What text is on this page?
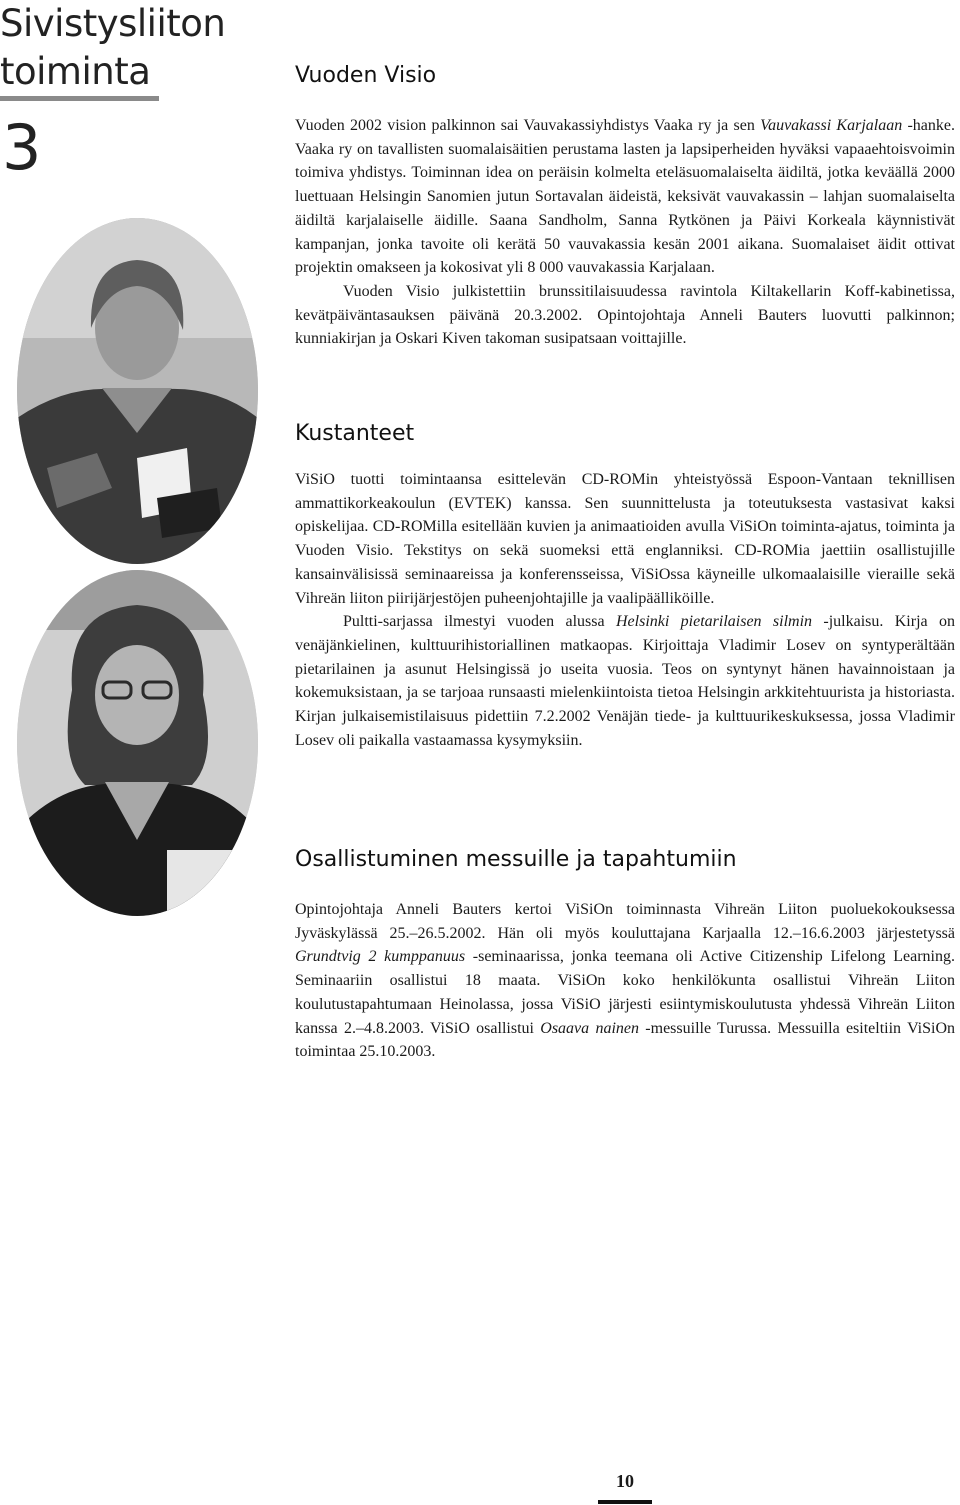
Sivistysliiton
toiminta
3
Vuoden Visio

Vuoden 2002 vision palkinnon sai Vauvakassiyhdistys Vaaka ry ja sen Vauvakassi Karjalaan -hanke. Vaaka ry on tavallisten suomalaisäitien perustama lasten ja lapsiperheiden hyväksi vapaaehtoisvoimin toimiva yhdistys. Toiminnan idea on peräisin kolmelta eteläsuomalaiselta äidiltä, jotka keväällä 2000 luettuaan Helsingin Sanomien jutun Sortavalan äideistä, keksivät vauvakassin – lahjan suomalaiselta äidiltä karjalaiselle äidille. Saana Sandholm, Sanna Rytkönen ja Päivi Korkeala käynnistivät kampanjan, jonka tavoite oli kerätä 50 vauvakassia kesän 2001 aikana. Suomalaiset äidit ottivat projektin omakseen ja kokosivat yli 8 000 vauvakassia Karjalaan.

Vuoden Visio julkistettiin brunssitilaisuudessa ravintola Kiltakellarin Koff-kabinetissa, kevätpäiväntasauksen päivänä 20.3.2002. Opintojohtaja Anneli Bauters luovutti palkinnon; kunniakirjan ja Oskari Kiven takoman susipatsaan voittajille.

Kustanteet

ViSiO tuotti toimintaansa esittelevän CD-ROMin yhteistyössä Espoon-Vantaan teknillisen ammattikorkeakoulun (EVTEK) kanssa. Sen suunnittelusta ja toteutuksesta vastasivat kaksi opiskelijaa. CD-ROMilla esitellään kuvien ja animaatioiden avulla ViSiOn toiminta-ajatus, toiminta ja Vuoden Visio. Tekstitys on sekä suomeksi että englanniksi. CD-ROMia jaettiin osallistujille kansainvälisissä seminaareissa ja konferensseissa, ViSiOssa käyneille ulkomaalaisille vieraille sekä Vihreän liiton piirijärjestöjen puheenjohtajille ja vaalipäälliköille.

Pultti-sarjassa ilmestyi vuoden alussa Helsinki pietarilaisen silmin -julkaisu. Kirja on venäjänkielinen, kulttuurihistoriallinen matkaopas. Kirjoittaja Vladimir Losev on syntyperältään pietarilainen ja asunut Helsingissä jo useita vuosia. Teos on syntynyt hänen havainnoistaan ja kokemuksistaan, ja se tarjoaa runsaasti mielenkiintoista tietoa Helsingin arkkitehtuurista ja historiasta. Kirjan julkaisemistilaisuus pidettiin 7.2.2002 Venäjän tiede- ja kulttuurikeskuksessa, jossa Vladimir Losev oli paikalla vastaamassa kysymyksiin.

Osallistuminen messuille ja tapahtumiin

Opintojohtaja Anneli Bauters kertoi ViSiOn toiminnasta Vihreän Liiton puoluekokouksessa Jyväskylässä 25.–26.5.2002. Hän oli myös kouluttajana Karjaalla 12.–16.6.2003 järjestetyssä Grundtvig 2 kumppanuus -seminaarissa, jonka teemana oli Active Citizenship Lifelong Learning. Seminaariin osallistui 18 maata. ViSiOn koko henkilökunta osallistui Vihreän Liiton koulutustapahtumaan Heinolassa, jossa ViSiO järjesti esiintymiskoulutusta yhdessä Vihreän Liiton kanssa 2.–4.8.2003. ViSiO osallistui Osaava nainen -messuille Turussa. Messuilla esiteltiin ViSiOn toimintaa 25.10.2003.

10
